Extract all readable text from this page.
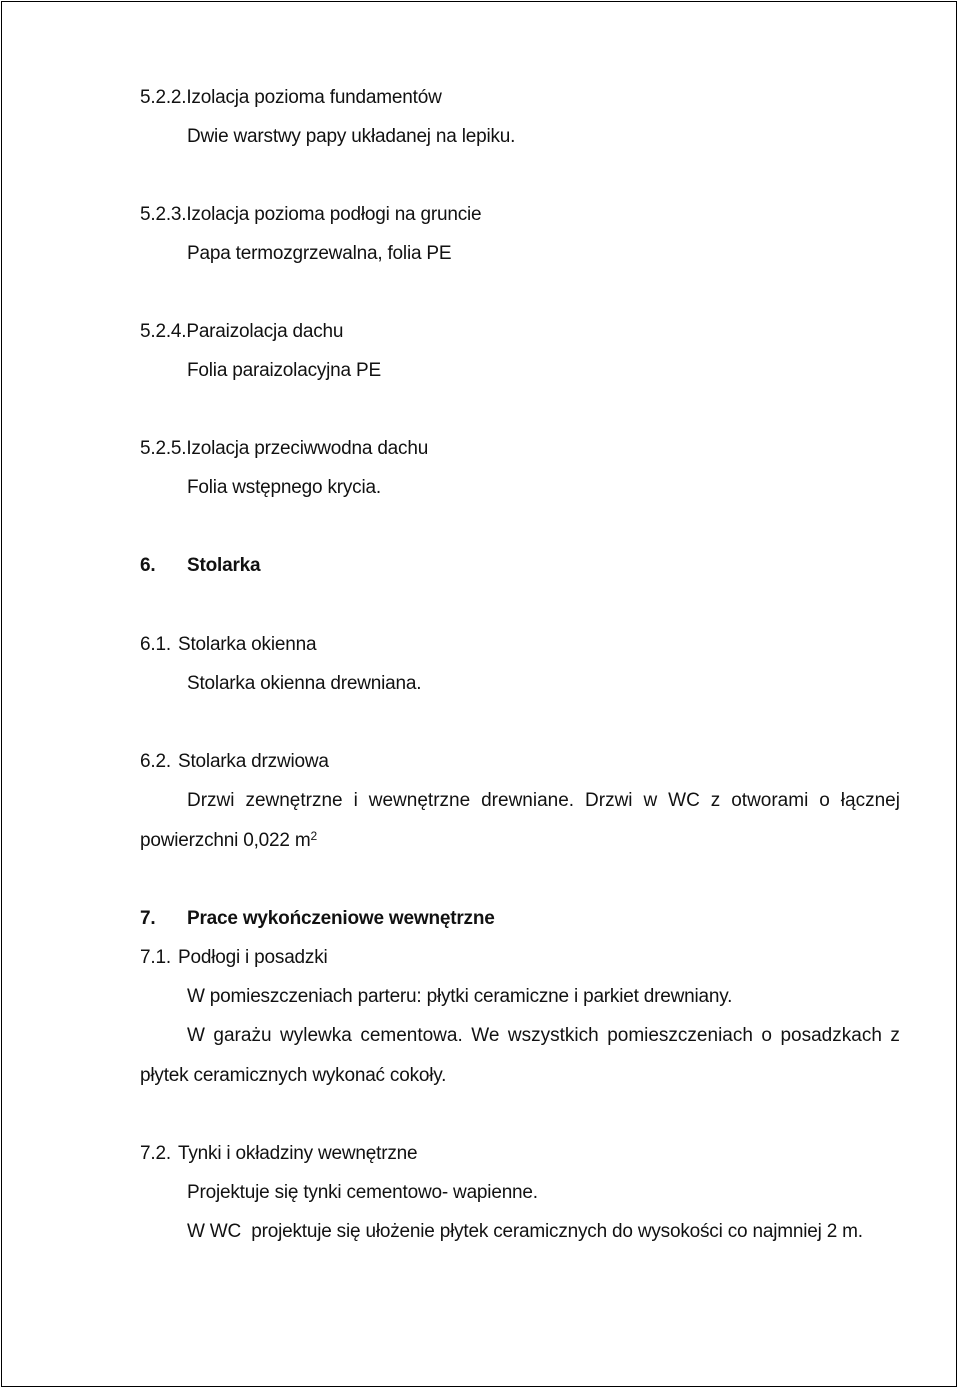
5.2.2.Izolacja pozioma fundamentów
Dwie warstwy papy układanej na lepiku.
5.2.3.Izolacja pozioma podłogi na gruncie
Papa termozgrzewalna, folia PE
5.2.4.Paraizolacja dachu
Folia paraizolacyjna PE
5.2.5.Izolacja przeciwwodna dachu
Folia wstępnego krycia.
6. Stolarka
6.1. Stolarka okienna
Stolarka okienna drewniana.
6.2. Stolarka drzwiowa
Drzwi zewnętrzne i wewnętrzne drewniane. Drzwi w WC z otworami o łącznej
powierzchni 0,022 $m^2$
7. Prace wykończeniowe wewnętrzne
7.1. Podłogi i posadzki
W pomieszczeniach parteru: płytki ceramiczne i parkiet drewniany.
W garażu wylewka cementowa. We wszystkich pomieszczeniach o posadzkach z
płytek ceramicznych wykonać cokoły.
7.2. Tynki i okładziny wewnętrzne
Projektuje się tynki cementowo- wapienne.
W WC  projektuje się ułożenie płytek ceramicznych do wysokości co najmniej 2 m.
